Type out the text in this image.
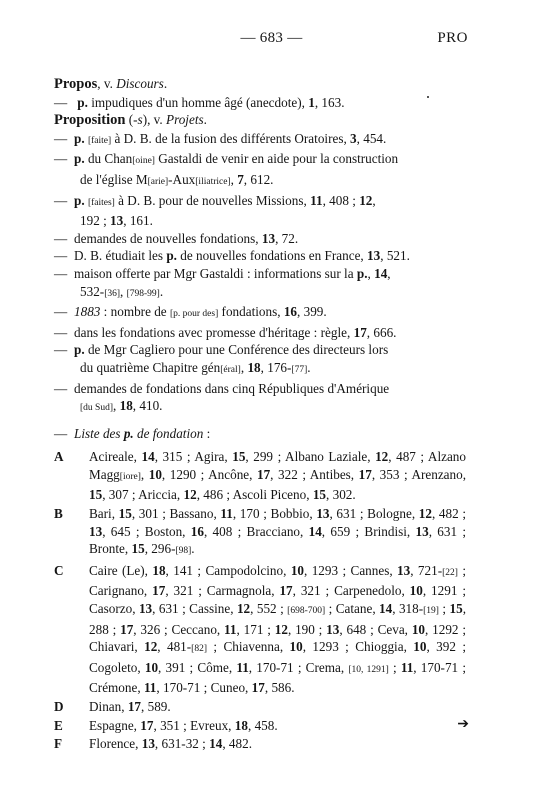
— 683 —	PRO
Propos, v. Discours.
— p. impudiques d'un homme âgé (anecdote), 1, 163.
Proposition (-s), v. Projets.
— p. [faite] à D. B. de la fusion des différents Oratoires, 3, 454.
— p. du Chan[oine] Gastaldi de venir en aide pour la construction
de l'église M[arie]-Aux[iliatrice], 7, 612.
— p. [faites] à D. B. pour de nouvelles Missions, 11, 408 ; 12,
192 ; 13, 161.
— demandes de nouvelles fondations, 13, 72.
— D. B. étudiait les p. de nouvelles fondations en France, 13, 521.
— maison offerte par Mgr Gastaldi : informations sur la p., 14,
532-[36], [798-99].
— 1883 : nombre de [p. pour des] fondations, 16, 399.
— dans les fondations avec promesse d'héritage : règle, 17, 666.
— p. de Mgr Cagliero pour une Conférence des directeurs lors
du quatrième Chapitre gén[éral], 18, 176-[77].
— demandes de fondations dans cinq Républiques d'Amérique
[du Sud], 18, 410.
— Liste des p. de fondation :
A	Acireale, 14, 315 ; Agira, 15, 299 ; Albano Laziale, 12, 487 ; Alzano Magg[iore], 10, 1290 ; Ancône, 17, 322 ; Antibes, 17, 353 ; Arenzano, 15, 307 ; Ariccia, 12, 486 ; Ascoli Piceno, 15, 302.
B	Bari, 15, 301 ; Bassano, 11, 170 ; Bobbio, 13, 631 ; Bologne, 12, 482 ; 13, 645 ; Boston, 16, 408 ; Bracciano, 14, 659 ; Brindisi, 13, 631 ; Bronte, 15, 296-[98].
C	Caire (Le), 18, 141 ; Campodolcino, 10, 1293 ; Cannes, 13, 721-[22] ; Carignano, 17, 321 ; Carmagnola, 17, 321 ; Carpenedolo, 10, 1291 ; Casorzo, 13, 631 ; Cassine, 12, 552 ; [698-700] ; Catane, 14, 318-[19] ; 15, 288 ; 17, 326 ; Ceccano, 11, 171 ; 12, 190 ; 13, 648 ; Ceva, 10, 1292 ; Chiavari, 12, 481-[82] ; Chiavenna, 10, 1293 ; Chioggia, 10, 392 ; Cogoleto, 10, 391 ; Côme, 11, 170-71 ; Crema, [10, 1291] ; 11, 170-71 ; Crémone, 11, 170-71 ; Cuneo, 17, 586.
D	Dinan, 17, 589.
E	Espagne, 17, 351 ; Evreux, 18, 458.
F	Florence, 13, 631-32 ; 14, 482.
➔
